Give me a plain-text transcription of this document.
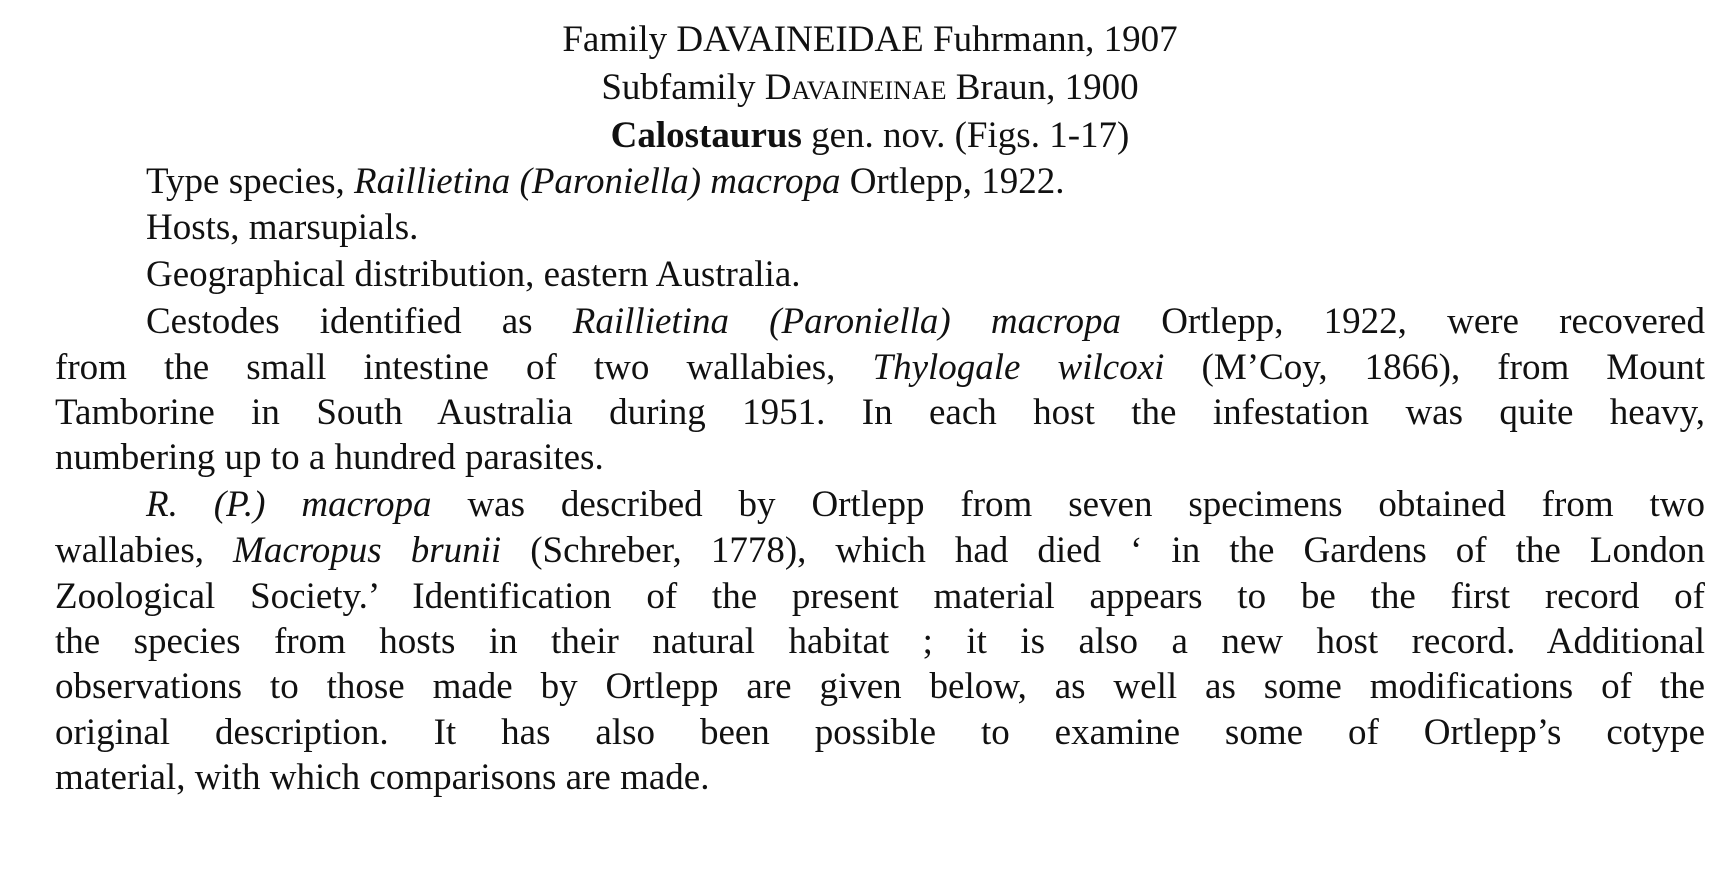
Family DAVAINEIDAE Fuhrmann, 1907
Subfamily Davaineinae Braun, 1900
Calostaurus gen. nov. (Figs. 1-17)
Type species, Raillietina (Paroniella) macropa Ortlepp, 1922.
Hosts, marsupials.
Geographical distribution, eastern Australia.
Cestodes identified as Raillietina (Paroniella) macropa Ortlepp, 1922, were recovered
from the small intestine of two wallabies, Thylogale wilcoxi (M’Coy, 1866), from Mount
Tamborine in South Australia during 1951. In each host the infestation was quite heavy,
numbering up to a hundred parasites.
R. (P.) macropa was described by Ortlepp from seven specimens obtained from two
wallabies, Macropus brunii (Schreber, 1778), which had died ‘ in the Gardens of the London
Zoological Society.’ Identification of the present material appears to be the first record of
the species from hosts in their natural habitat ; it is also a new host record. Additional
observations to those made by Ortlepp are given below, as well as some modifications of the
original description. It has also been possible to examine some of Ortlepp’s cotype
material, with which comparisons are made.
